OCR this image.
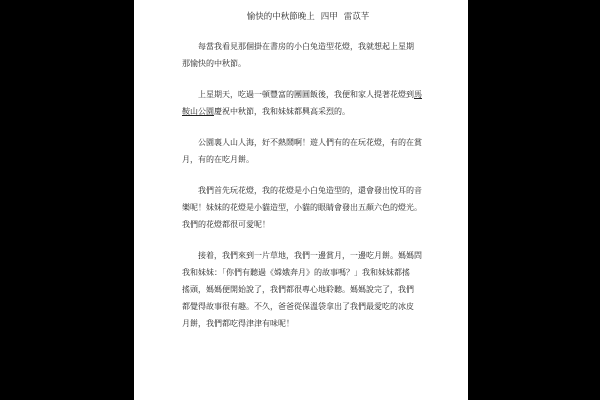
愉快的中秋節晚上 四甲 雷苡芊
每當我看見那個掛在書房的小白兔造型花燈，我就想起上星期
那愉快的中秋節。
上星期天，吃過一頓豐富的團圓飯後，我便和家人提著花燈到馬
鞍山公園慶祝中秋節，我和妹妹都興高采烈的。
公園裏人山人海，好不熱鬧啊！遊人們有的在玩花燈，有的在賞
月，有的在吃月餅。
我們首先玩花燈，我的花燈是小白兔造型的，還會發出悅耳的音
樂呢！妹妹的花燈是小貓造型，小貓的眼睛會發出五顏六色的燈光。
我們的花燈都很可愛呢！
接着，我們來到一片草地，我們一邊賞月，一邊吃月餅。媽媽問
我和妹妹：「你們有聽過《嫦娥奔月》的故事嗎？」我和妹妹都搖
搖頭，媽媽便開始說了，我們都很專心地聆聽。媽媽說完了，我們
都覺得故事很有趣。不久，爸爸從保溫袋拿出了我們最愛吃的冰皮
月餅，我們都吃得津津有味呢！
